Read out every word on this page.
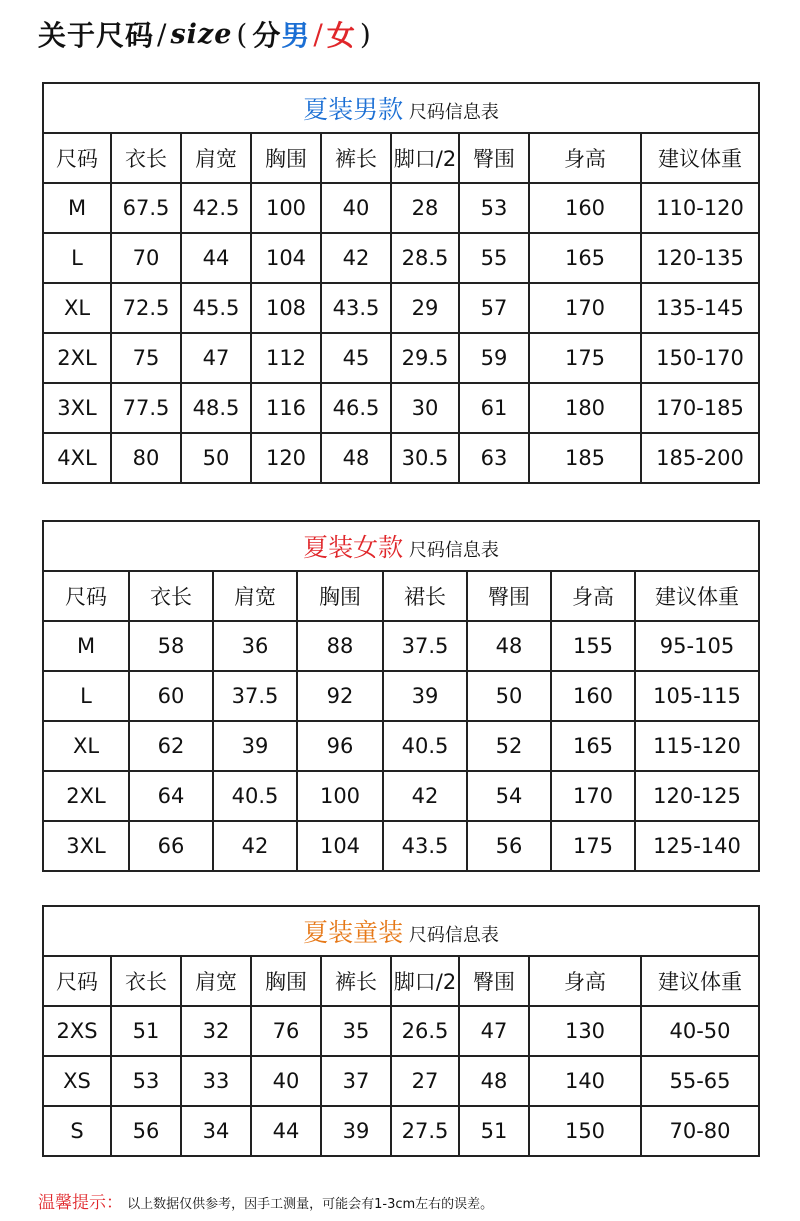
关于尺码 / size ( 分 男 / 女 )
夏装男款 尺码信息表								
尺码	衣长	肩宽	胸围	裤长	脚口/2	臀围	身高	建议体重
M	67.5	42.5	100	40	28	53	160	110-120
L	70	44	104	42	28.5	55	165	120-135
XL	72.5	45.5	108	43.5	29	57	170	135-145
2XL	75	47	112	45	29.5	59	175	150-170
3XL	77.5	48.5	116	46.5	30	61	180	170-185
4XL	80	50	120	48	30.5	63	185	185-200
夏装女款 尺码信息表							
尺码	衣长	肩宽	胸围	裙长	臀围	身高	建议体重
M	58	36	88	37.5	48	155	95-105
L	60	37.5	92	39	50	160	105-115
XL	62	39	96	40.5	52	165	115-120
2XL	64	40.5	100	42	54	170	120-125
3XL	66	42	104	43.5	56	175	125-140
夏装童装 尺码信息表								
尺码	衣长	肩宽	胸围	裤长	脚口/2	臀围	身高	建议体重
2XS	51	32	76	35	26.5	47	130	40-50
XS	53	33	40	37	27	48	140	55-65
S	56	34	44	39	27.5	51	150	70-80
温馨提示： 以上数据仅供参考，因手工测量，可能会有1-3cm左右的误差。
